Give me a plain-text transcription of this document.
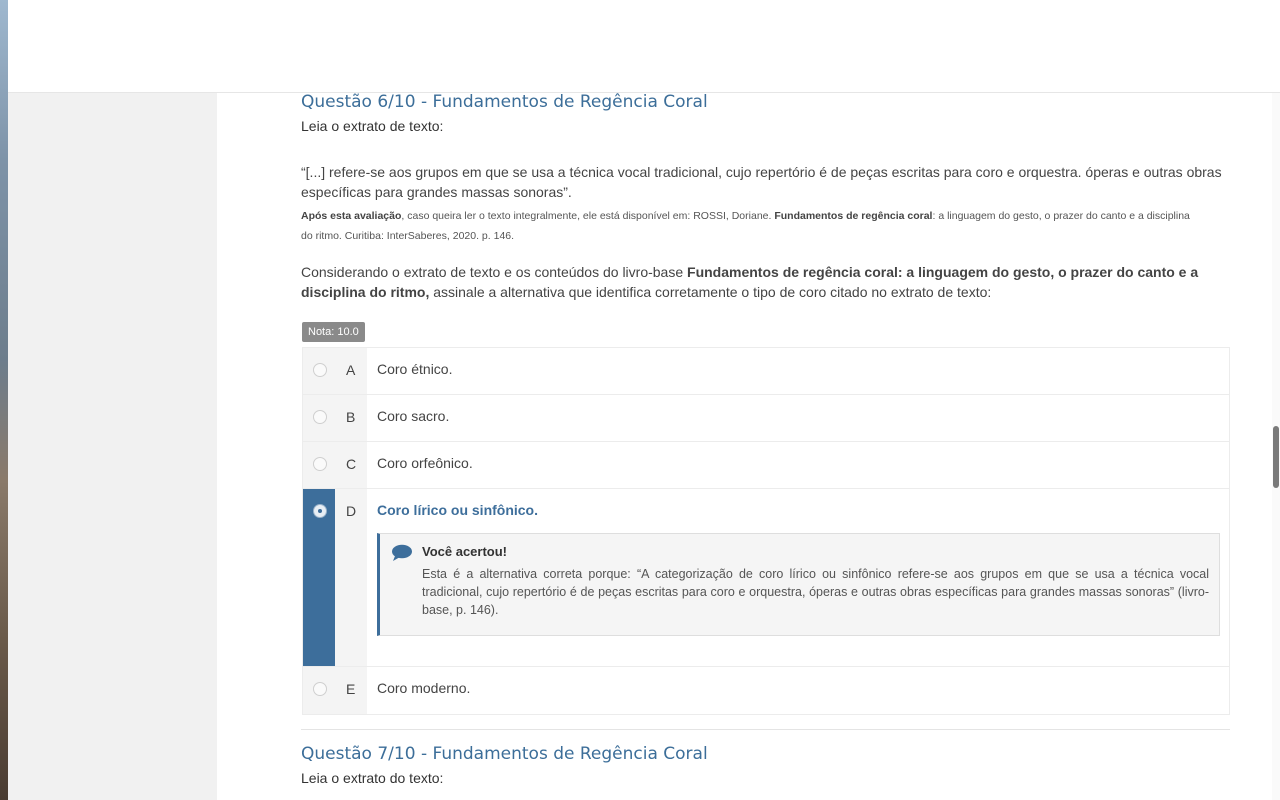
Questão 6/10 - Fundamentos de Regência Coral
Leia o extrato de texto:
“[...] refere-se aos grupos em que se usa a técnica vocal tradicional, cujo repertório é de peças escritas para coro e orquestra. óperas e outras obras específicas para grandes massas sonoras”.
Após esta avaliação, caso queira ler o texto integralmente, ele está disponível em: ROSSI, Doriane. Fundamentos de regência coral: a linguagem do gesto, o prazer do canto e a disciplina do ritmo. Curitiba: InterSaberes, 2020. p. 146.
Considerando o extrato de texto e os conteúdos do livro-base Fundamentos de regência coral: a linguagem do gesto, o prazer do canto e a disciplina do ritmo, assinale a alternativa que identifica corretamente o tipo de coro citado no extrato de texto:
Nota: 10.0
A	Coro étnico.
B	Coro sacro.
C	Coro orfeônico.
D Coro lírico ou sinfônico.
Você acertou!
Esta é a alternativa correta porque: “A categorização de coro lírico ou sinfônico refere-se aos grupos em que se usa a técnica vocal tradicional, cujo repertório é de peças escritas para coro e orquestra, óperas e outras obras específicas para grandes massas sonoras” (livro-base, p. 146).
E	Coro moderno.
Questão 7/10 - Fundamentos de Regência Coral
Leia o extrato do texto:
